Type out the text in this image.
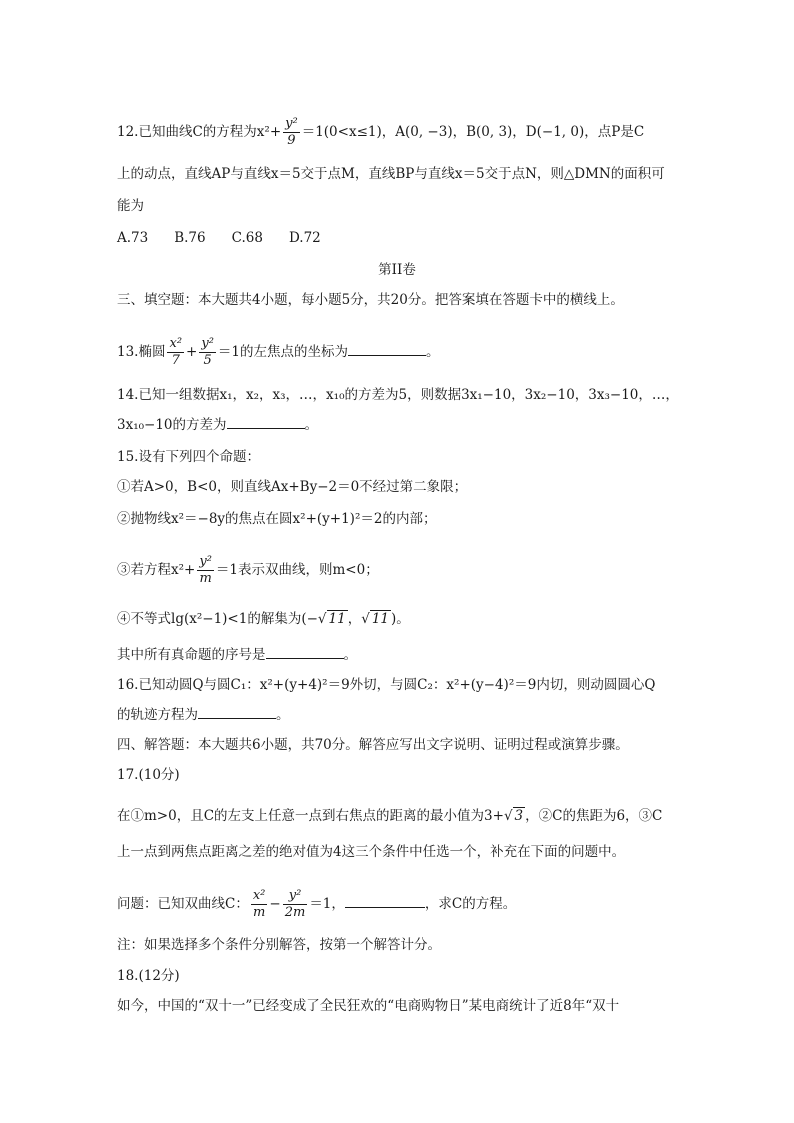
12.已知曲线C的方程为$x^2+ \frac{\text{y²}}{9} =1(0<x\le 1)$，A(0, −3)，B(0, 3)，D(−1, 0)，点P是C
上的动点，直线AP与直线x＝5交于点M，直线BP与直线x＝5交于点N，则△DMN的面积可
能为
A.73 B.76 C.68 D.72
第II卷
三、填空题：本大题共4小题，每小题5分，共20分。把答案填在答题卡中的横线上。
13.椭圆 $\frac{\text{x²}}{7} + \frac{\text{y²}}{5} =1$的左焦点的坐标为	。
14.已知一组数据x₁，x₂，x₃，…，x₁₀的方差为5，则数据3x₁−10，3x₂−10，3x₃−10，…，
3x₁₀−10的方差为	。
15.设有下列四个命题：
①若A>0，B<0，则直线Ax+By−2＝0不经过第二象限；
②抛物线x²＝−8y的焦点在圆x²+(y+1)²＝2的内部；
③若方程$x^2+ \frac{\text{y²}}{m} =1$表示双曲线，则m<0；
④不等式lg(x²−1)<1的解集为(−√ 11 ，√ 11 )。
其中所有真命题的序号是	。
16.已知动圆Q与圆C₁：x²+(y+4)²＝9外切，与圆C₂：x²+(y−4)²＝9内切，则动圆圆心Q
的轨迹方程为	。
四、解答题：本大题共6小题，共70分。解答应写出文字说明、证明过程或演算步骤。
17.(10分)
在①m>0，且C的左支上任意一点到右焦点的距离的最小值为3+√ 3 ，②C的焦距为6，③C
上一点到两焦点距离之差的绝对值为4这三个条件中任选一个，补充在下面的问题中。
问题：已知双曲线C： $\frac{\text{x²}}{m} - \frac{\text{y²}}{2m} =1$，	，求C的方程。
注：如果选择多个条件分别解答，按第一个解答计分。
18.(12分)
如今，中国的“双十一”已经变成了全民狂欢的“电商购物日”某电商统计了近8年“双十
